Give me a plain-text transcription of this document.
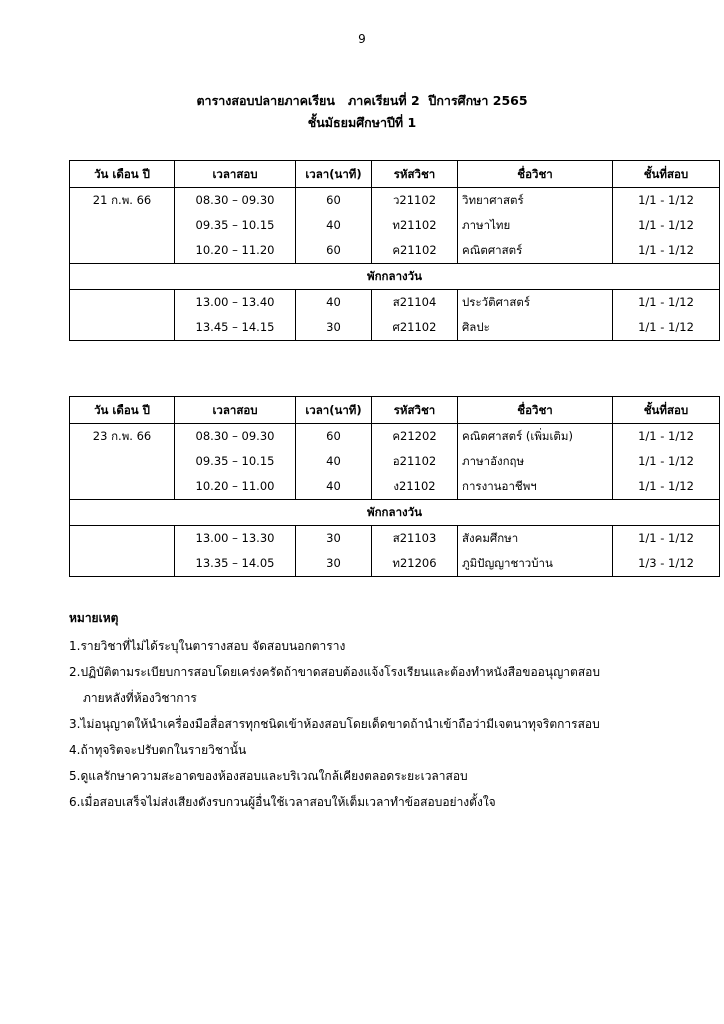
9
ตารางสอบปลายภาคเรียน   ภาคเรียนที่ 2  ปีการศึกษา 2565
ชั้นมัธยมศึกษาปีที่ 1
วัน เดือน ปี	เวลาสอบ	เวลา(นาที)	รหัสวิชา	ชื่อวิชา	ชั้นที่สอบ
21 ก.พ. 66	08.30 – 09.30	60	ว21102	วิทยาศาสตร์	1/1 - 1/12
	09.35 – 10.15	40	ท21102	ภาษาไทย	1/1 - 1/12
	10.20 – 11.20	60	ค21102	คณิตศาสตร์	1/1 - 1/12
พักกลางวัน					
	13.00 – 13.40	40	ส21104	ประวัติศาสตร์	1/1 - 1/12
	13.45 – 14.15	30	ศ21102	ศิลปะ	1/1 - 1/12
วัน เดือน ปี	เวลาสอบ	เวลา(นาที)	รหัสวิชา	ชื่อวิชา	ชั้นที่สอบ
23 ก.พ. 66	08.30 – 09.30	60	ค21202	คณิตศาสตร์ (เพิ่มเติม)	1/1 - 1/12
	09.35 – 10.15	40	อ21102	ภาษาอังกฤษ	1/1 - 1/12
	10.20 – 11.00	40	ง21102	การงานอาชีพฯ	1/1 - 1/12
พักกลางวัน					
	13.00 – 13.30	30	ส21103	สังคมศึกษา	1/1 - 1/12
	13.35 – 14.05	30	ท21206	ภูมิปัญญาชาวบ้าน	1/3 - 1/12
หมายเหตุ
1.รายวิชาที่ไม่ได้ระบุในตารางสอบ จัดสอบนอกตาราง
2.ปฏิบัติตามระเบียบการสอบโดยเคร่งครัดถ้าขาดสอบต้องแจ้งโรงเรียนและต้องทำหนังสือขออนุญาตสอบ
ภายหลังที่ห้องวิชาการ
3.ไม่อนุญาตให้นำเครื่องมือสื่อสารทุกชนิดเข้าห้องสอบโดยเด็ดขาดถ้านำเข้าถือว่ามีเจตนาทุจริตการสอบ
4.ถ้าทุจริตจะปรับตกในรายวิชานั้น
5.ดูแลรักษาความสะอาดของห้องสอบและบริเวณใกล้เคียงตลอดระยะเวลาสอบ
6.เมื่อสอบเสร็จไม่ส่งเสียงดังรบกวนผู้อื่นใช้เวลาสอบให้เต็มเวลาทำข้อสอบอย่างตั้งใจ
